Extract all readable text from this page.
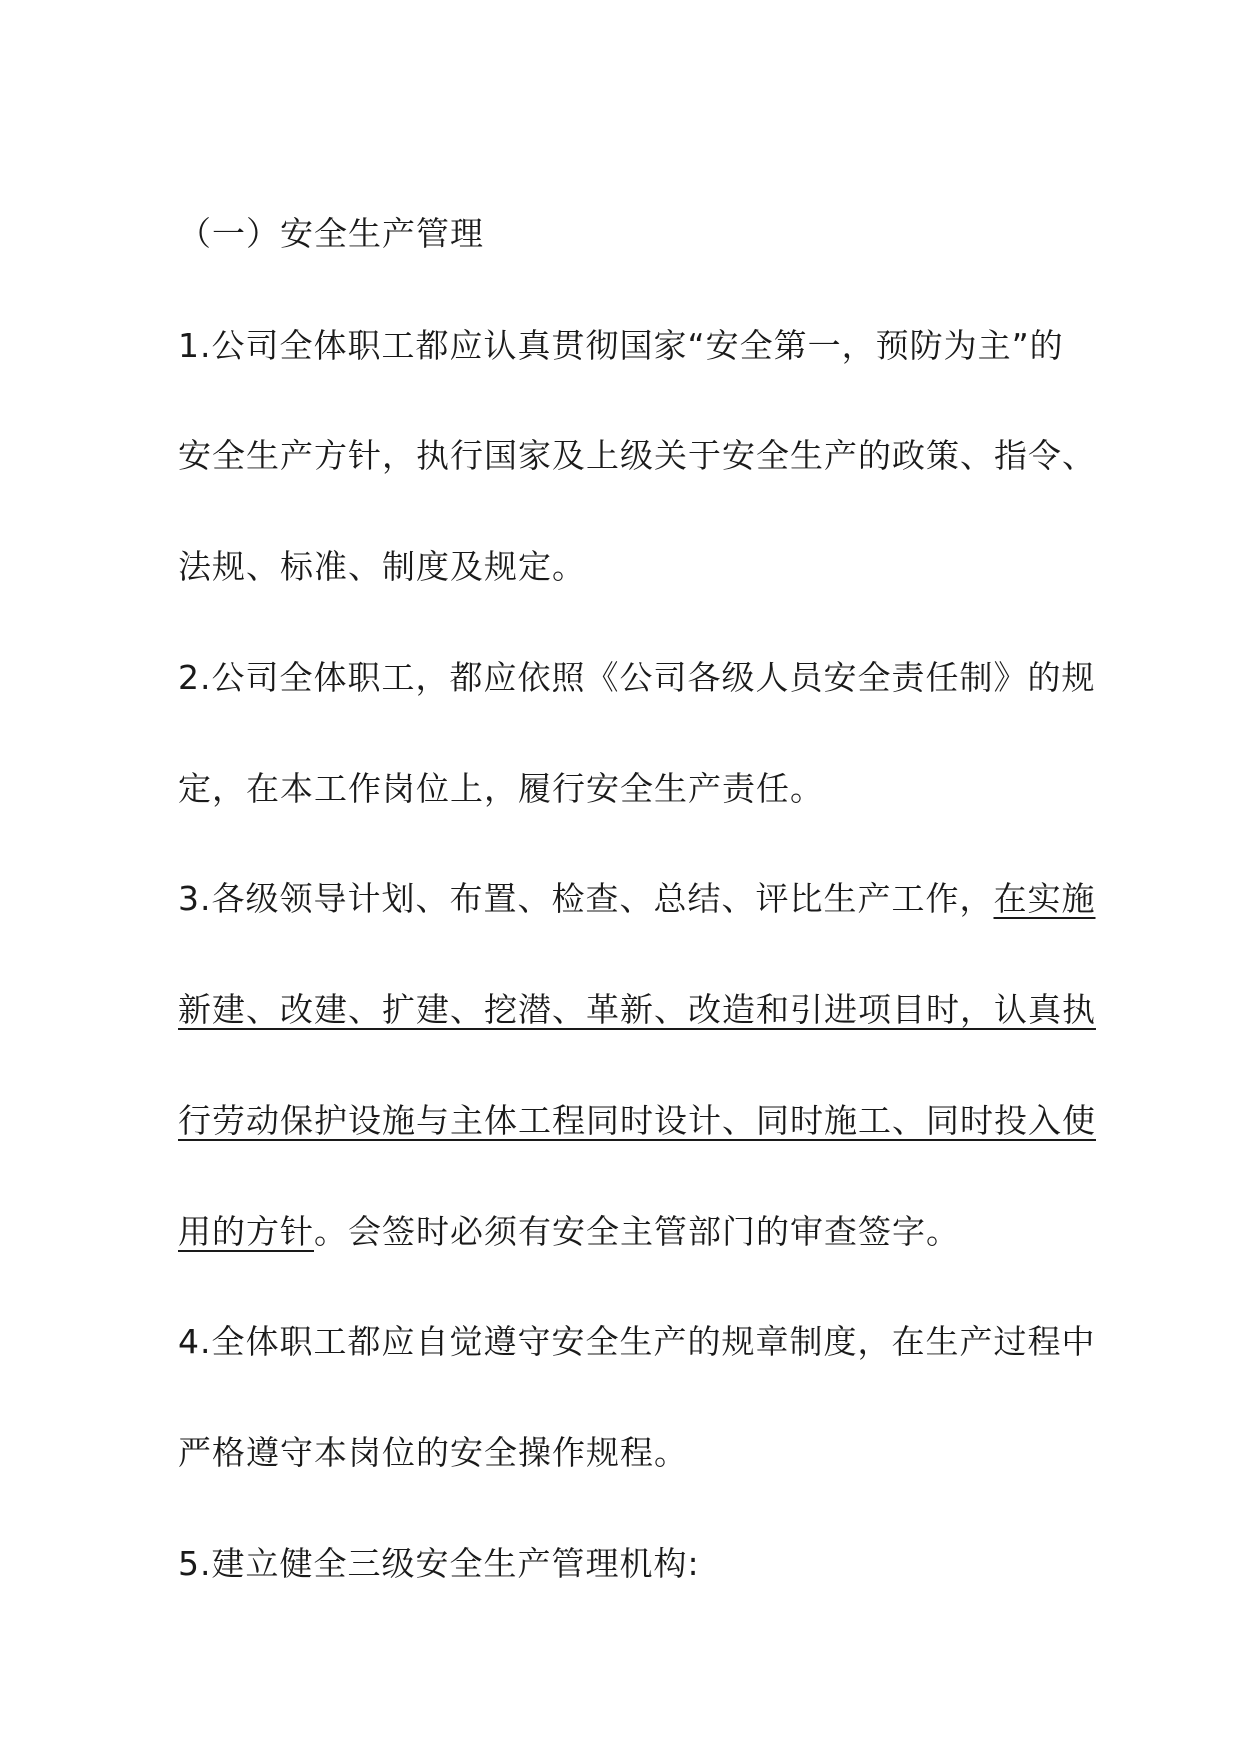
（一）安全生产管理
1.公司全体职工都应认真贯彻国家“安全第一，预防为主”的
安全生产方针，执行国家及上级关于安全生产的政策、指令、
法规、标准、制度及规定。
2.公司全体职工，都应依照《公司各级人员安全责任制》的规
定，在本工作岗位上，履行安全生产责任。
3.各级领导计划、布置、检查、总结、评比生产工作，在实施
新建、改建、扩建、挖潜、革新、改造和引进项目时，认真执
行劳动保护设施与主体工程同时设计、同时施工、同时投入使
用的方针。会签时必须有安全主管部门的审查签字。
4.全体职工都应自觉遵守安全生产的规章制度，在生产过程中
严格遵守本岗位的安全操作规程。
5.建立健全三级安全生产管理机构:
